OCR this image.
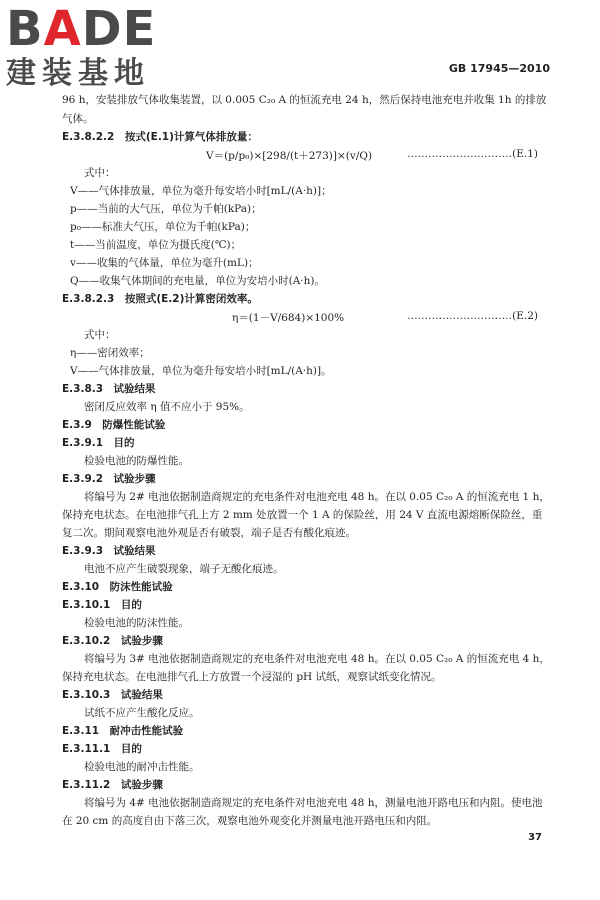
BADE
建装基地	GB 17945—2010
96 h，安装排放气体收集装置，以 0.005 C₂₀ A 的恒流充电 24 h，然后保持电池充电并收集 1h 的排放
气体。
E.3.8.2.2　按式(E.1)计算气体排放量：
V＝(p/p₀)×[298/(t＋273)]×(v/Q)	…………………………(E.1)
式中：
V——气体排放量，单位为毫升每安培小时[mL/(A·h)]；
p——当前的大气压，单位为千帕(kPa)；
p₀——标准大气压，单位为千帕(kPa)；
t——当前温度，单位为摄氏度(℃)；
v——收集的气体量，单位为毫升(mL)；
Q——收集气体期间的充电量，单位为安培小时(A·h)。
E.3.8.2.3　按照式(E.2)计算密闭效率。
η＝(1－V/684)×100%	…………………………(E.2)
式中：
η——密闭效率；
V——气体排放量，单位为毫升每安培小时[mL/(A·h)]。
E.3.8.3　试验结果
密闭反应效率 η 值不应小于 95%。
E.3.9　防爆性能试验
E.3.9.1　目的
检验电池的防爆性能。
E.3.9.2　试验步骤
将编号为 2# 电池依据制造商规定的充电条件对电池充电 48 h。在以 0.05 C₂₀ A 的恒流充电 1 h，
保持充电状态。在电池排气孔上方 2 mm 处放置一个 1 A 的保险丝，用 24 V 直流电源熔断保险丝，重
复二次。期间观察电池外观是否有破裂，端子是否有酸化痕迹。
E.3.9.3　试验结果
电池不应产生破裂现象，端子无酸化痕迹。
E.3.10　防沫性能试验
E.3.10.1　目的
检验电池的防沫性能。
E.3.10.2　试验步骤
将编号为 3# 电池依据制造商规定的充电条件对电池充电 48 h。在以 0.05 C₂₀ A 的恒流充电 4 h，
保持充电状态。在电池排气孔上方放置一个浸湿的 pH 试纸，观察试纸变化情况。
E.3.10.3　试验结果
试纸不应产生酸化反应。
E.3.11　耐冲击性能试验
E.3.11.1　目的
检验电池的耐冲击性能。
E.3.11.2　试验步骤
将编号为 4# 电池依据制造商规定的充电条件对电池充电 48 h，测量电池开路电压和内阻。使电池
在 20 cm 的高度自由下落三次，观察电池外观变化并测量电池开路电压和内阻。
37
